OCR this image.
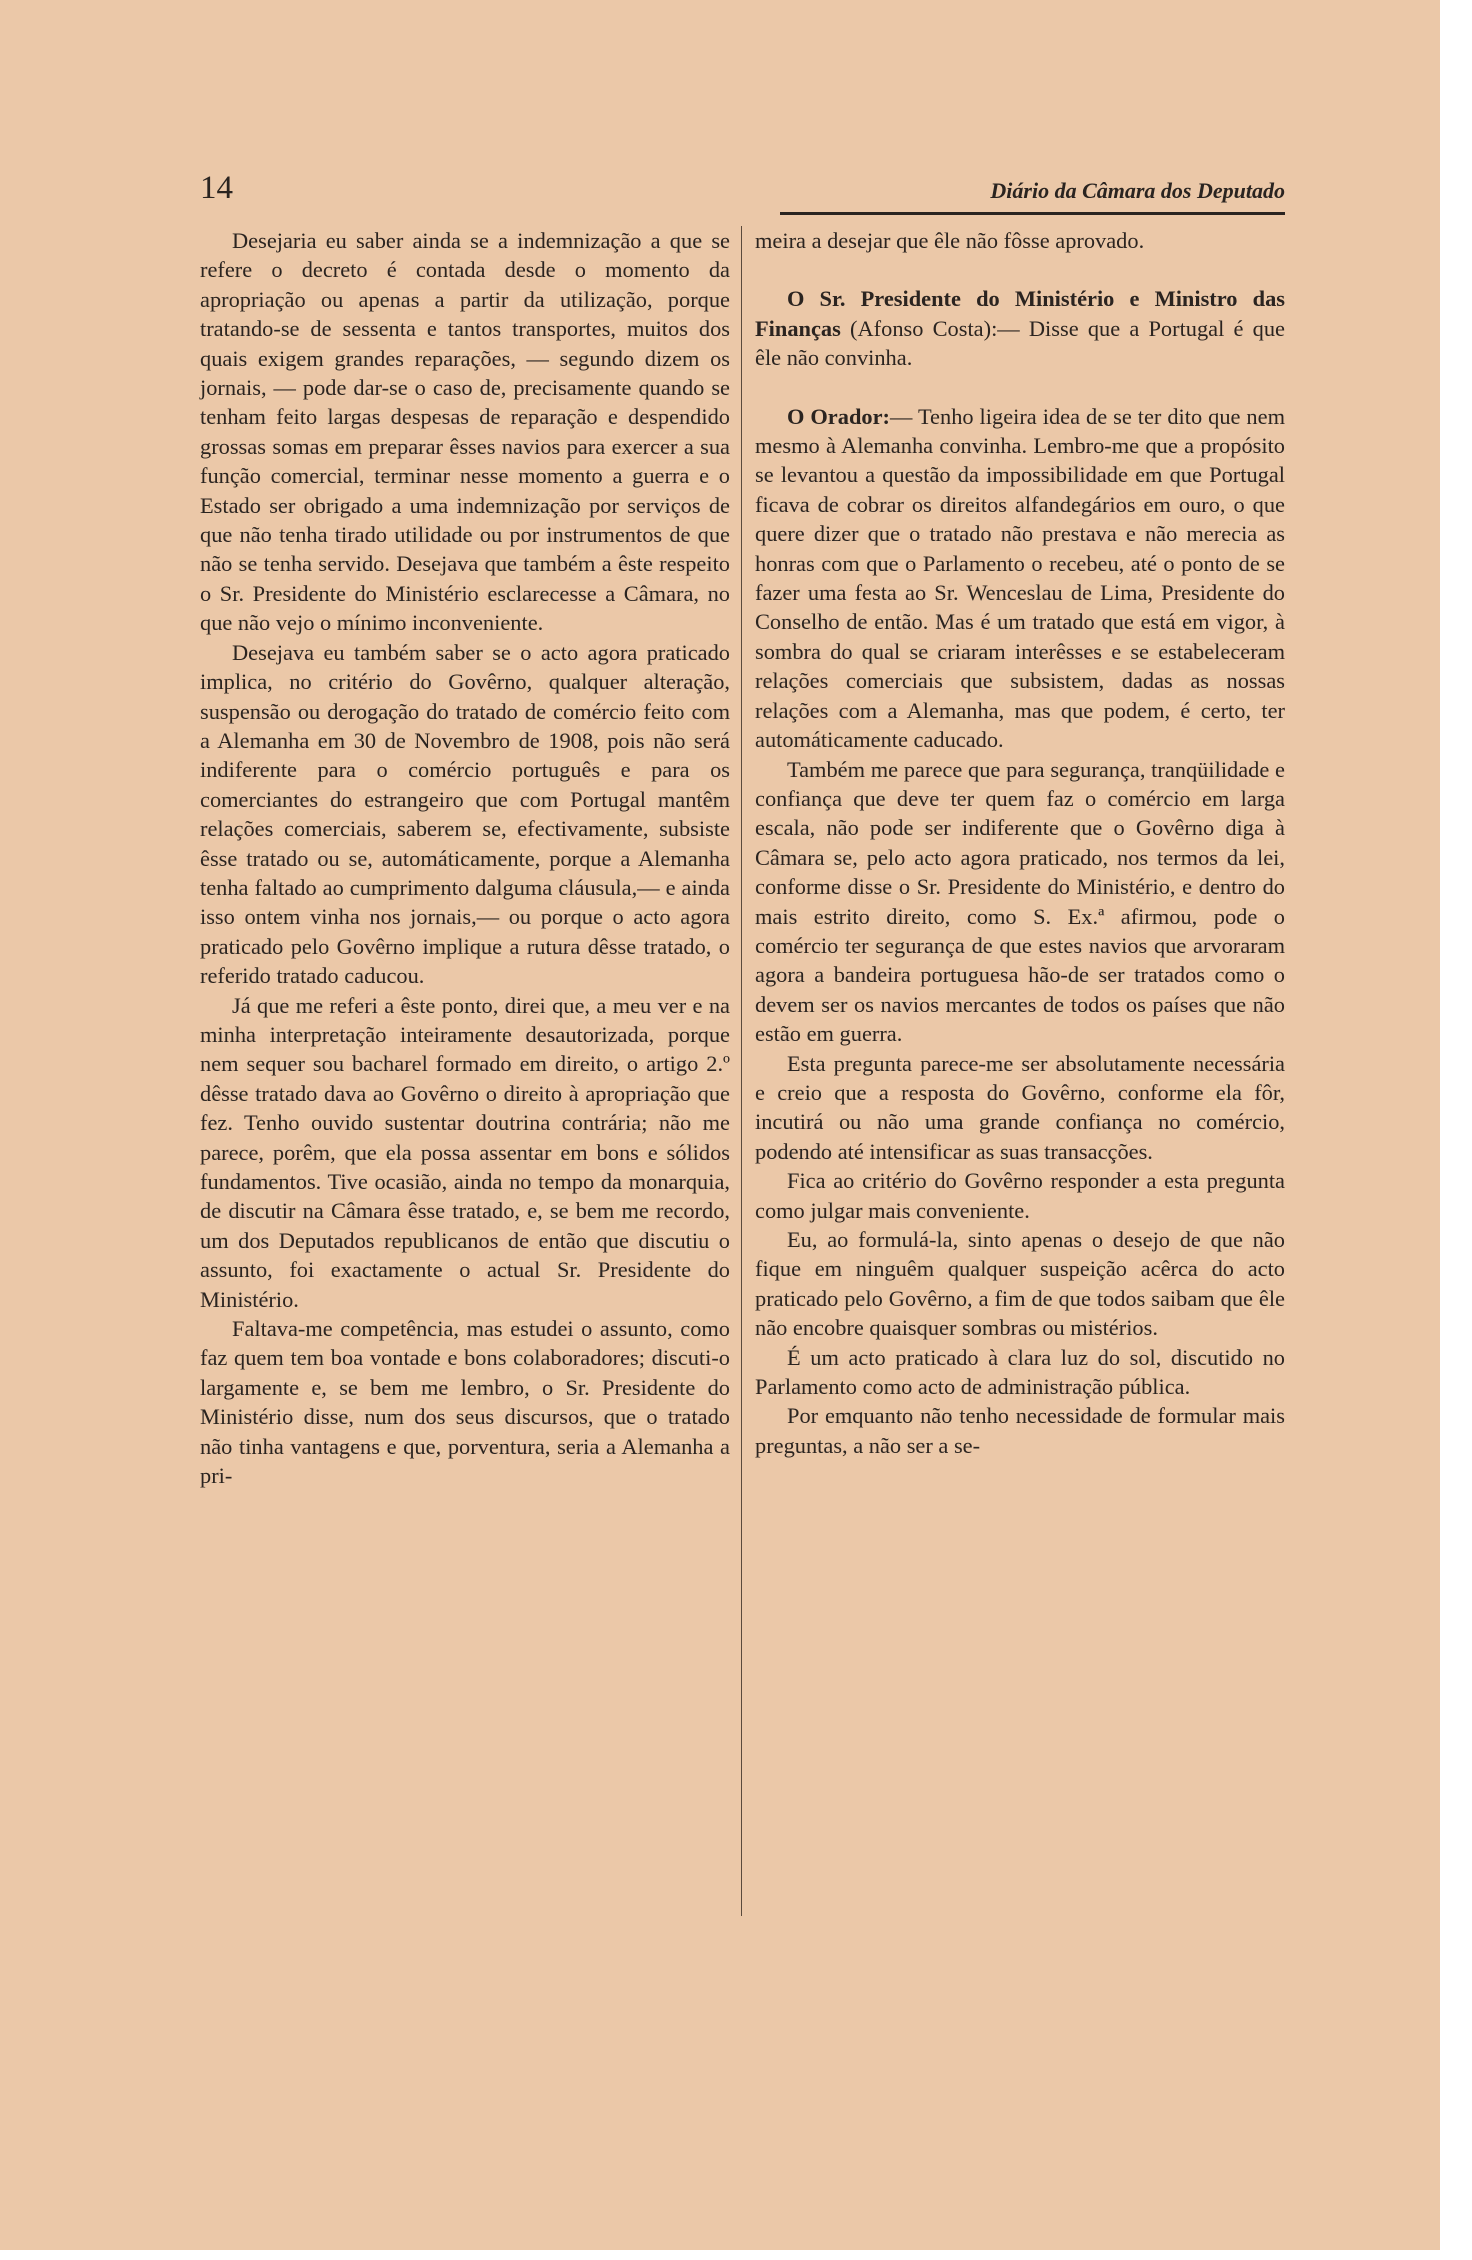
14	Diário da Câmara dos Deputado

Desejaria eu saber ainda se a indemnização a que se refere o decreto é contada desde o momento da apropriação ou apenas a partir da utilização, porque tratando-se de sessenta e tantos transportes, muitos dos quais exigem grandes reparações, — segundo dizem os jornais, — pode dar-se o caso de, precisamente quando se tenham feito largas despesas de reparação e despendido grossas somas em preparar êsses navios para exercer a sua função comercial, terminar nesse momento a guerra e o Estado ser obrigado a uma indemnização por serviços de que não tenha tirado utilidade ou por instrumentos de que não se tenha servido. Desejava que também a êste respeito o Sr. Presidente do Ministério esclarecesse a Câmara, no que não vejo o mínimo inconveniente.

Desejava eu também saber se o acto agora praticado implica, no critério do Govêrno, qualquer alteração, suspensão ou derogação do tratado de comércio feito com a Alemanha em 30 de Novembro de 1908, pois não será indiferente para o comércio português e para os comerciantes do estrangeiro que com Portugal mantêm relações comerciais, saberem se, efectivamente, subsiste êsse tratado ou se, automáticamente, porque a Alemanha tenha faltado ao cumprimento dalguma cláusula,— e ainda isso ontem vinha nos jornais,— ou porque o acto agora praticado pelo Govêrno implique a rutura dêsse tratado, o referido tratado caducou.

Já que me referi a êste ponto, direi que, a meu ver e na minha interpretação inteiramente desautorizada, porque nem sequer sou bacharel formado em direito, o artigo 2.º dêsse tratado dava ao Govêrno o direito à apropriação que fez. Tenho ouvido sustentar doutrina contrária; não me parece, porêm, que ela possa assentar em bons e sólidos fundamentos. Tive ocasião, ainda no tempo da monarquia, de discutir na Câmara êsse tratado, e, se bem me recordo, um dos Deputados republicanos de então que discutiu o assunto, foi exactamente o actual Sr. Presidente do Ministério.

Faltava-me competência, mas estudei o assunto, como faz quem tem boa vontade e bons colaboradores; discuti-o largamente e, se bem me lembro, o Sr. Presidente do Ministério disse, num dos seus discursos, que o tratado não tinha vantagens e que, porventura, seria a Alemanha a pri-

meira a desejar que êle não fôsse aprovado.

O Sr. Presidente do Ministério e Ministro das Finanças (Afonso Costa):— Disse que a Portugal é que êle não convinha.

O Orador:— Tenho ligeira idea de se ter dito que nem mesmo à Alemanha convinha. Lembro-me que a propósito se levantou a questão da impossibilidade em que Portugal ficava de cobrar os direitos alfandegários em ouro, o que quere dizer que o tratado não prestava e não merecia as honras com que o Parlamento o recebeu, até o ponto de se fazer uma festa ao Sr. Wenceslau de Lima, Presidente do Conselho de então. Mas é um tratado que está em vigor, à sombra do qual se criaram interêsses e se estabeleceram relações comerciais que subsistem, dadas as nossas relações com a Alemanha, mas que podem, é certo, ter automáticamente caducado.

Também me parece que para segurança, tranqüilidade e confiança que deve ter quem faz o comércio em larga escala, não pode ser indiferente que o Govêrno diga à Câmara se, pelo acto agora praticado, nos termos da lei, conforme disse o Sr. Presidente do Ministério, e dentro do mais estrito direito, como S. Ex.ª afirmou, pode o comércio ter segurança de que estes navios que arvoraram agora a bandeira portuguesa hão-de ser tratados como o devem ser os navios mercantes de todos os países que não estão em guerra.

Esta pregunta parece-me ser absolutamente necessária e creio que a resposta do Govêrno, conforme ela fôr, incutirá ou não uma grande confiança no comércio, podendo até intensificar as suas transacções.

Fica ao critério do Govêrno responder a esta pregunta como julgar mais conveniente.

Eu, ao formulá-la, sinto apenas o desejo de que não fique em ninguêm qualquer suspeição acêrca do acto praticado pelo Govêrno, a fim de que todos saibam que êle não encobre quaisquer sombras ou mistérios.

É um acto praticado à clara luz do sol, discutido no Parlamento como acto de administração pública.

Por emquanto não tenho necessidade de formular mais preguntas, a não ser a se-
